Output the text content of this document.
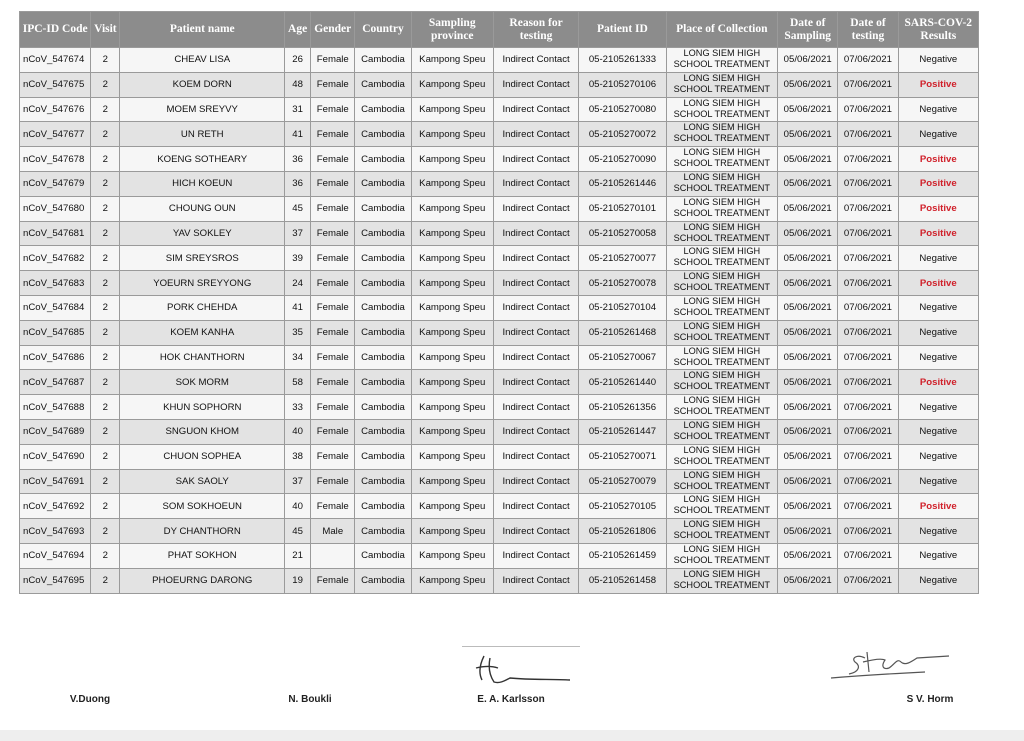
IPC-ID Code	Visit	Patient name	Age	Gender	Country	Sampling province	Reason for testing	Patient ID	Place of Collection	Date of Sampling	Date of testing	SARS-COV-2 Results
nCoV_547674	2	CHEAV LISA	26	Female	Cambodia	Kampong Speu	Indirect Contact	05-2105261333	LONG SIEM HIGH SCHOOL TREATMENT	05/06/2021	07/06/2021	Negative
nCoV_547675	2	KOEM DORN	48	Female	Cambodia	Kampong Speu	Indirect Contact	05-2105270106	LONG SIEM HIGH SCHOOL TREATMENT	05/06/2021	07/06/2021	Positive
nCoV_547676	2	MOEM SREYVY	31	Female	Cambodia	Kampong Speu	Indirect Contact	05-2105270080	LONG SIEM HIGH SCHOOL TREATMENT	05/06/2021	07/06/2021	Negative
nCoV_547677	2	UN RETH	41	Female	Cambodia	Kampong Speu	Indirect Contact	05-2105270072	LONG SIEM HIGH SCHOOL TREATMENT	05/06/2021	07/06/2021	Negative
nCoV_547678	2	KOENG SOTHEARY	36	Female	Cambodia	Kampong Speu	Indirect Contact	05-2105270090	LONG SIEM HIGH SCHOOL TREATMENT	05/06/2021	07/06/2021	Positive
nCoV_547679	2	HICH KOEUN	36	Female	Cambodia	Kampong Speu	Indirect Contact	05-2105261446	LONG SIEM HIGH SCHOOL TREATMENT	05/06/2021	07/06/2021	Positive
nCoV_547680	2	CHOUNG OUN	45	Female	Cambodia	Kampong Speu	Indirect Contact	05-2105270101	LONG SIEM HIGH SCHOOL TREATMENT	05/06/2021	07/06/2021	Positive
nCoV_547681	2	YAV SOKLEY	37	Female	Cambodia	Kampong Speu	Indirect Contact	05-2105270058	LONG SIEM HIGH SCHOOL TREATMENT	05/06/2021	07/06/2021	Positive
nCoV_547682	2	SIM SREYSROS	39	Female	Cambodia	Kampong Speu	Indirect Contact	05-2105270077	LONG SIEM HIGH SCHOOL TREATMENT	05/06/2021	07/06/2021	Negative
nCoV_547683	2	YOEURN SREYYONG	24	Female	Cambodia	Kampong Speu	Indirect Contact	05-2105270078	LONG SIEM HIGH SCHOOL TREATMENT	05/06/2021	07/06/2021	Positive
nCoV_547684	2	PORK CHEHDA	41	Female	Cambodia	Kampong Speu	Indirect Contact	05-2105270104	LONG SIEM HIGH SCHOOL TREATMENT	05/06/2021	07/06/2021	Negative
nCoV_547685	2	KOEM KANHA	35	Female	Cambodia	Kampong Speu	Indirect Contact	05-2105261468	LONG SIEM HIGH SCHOOL TREATMENT	05/06/2021	07/06/2021	Negative
nCoV_547686	2	HOK CHANTHORN	34	Female	Cambodia	Kampong Speu	Indirect Contact	05-2105270067	LONG SIEM HIGH SCHOOL TREATMENT	05/06/2021	07/06/2021	Negative
nCoV_547687	2	SOK MORM	58	Female	Cambodia	Kampong Speu	Indirect Contact	05-2105261440	LONG SIEM HIGH SCHOOL TREATMENT	05/06/2021	07/06/2021	Positive
nCoV_547688	2	KHUN SOPHORN	33	Female	Cambodia	Kampong Speu	Indirect Contact	05-2105261356	LONG SIEM HIGH SCHOOL TREATMENT	05/06/2021	07/06/2021	Negative
nCoV_547689	2	SNGUON KHOM	40	Female	Cambodia	Kampong Speu	Indirect Contact	05-2105261447	LONG SIEM HIGH SCHOOL TREATMENT	05/06/2021	07/06/2021	Negative
nCoV_547690	2	CHUON SOPHEA	38	Female	Cambodia	Kampong Speu	Indirect Contact	05-2105270071	LONG SIEM HIGH SCHOOL TREATMENT	05/06/2021	07/06/2021	Negative
nCoV_547691	2	SAK SAOLY	37	Female	Cambodia	Kampong Speu	Indirect Contact	05-2105270079	LONG SIEM HIGH SCHOOL TREATMENT	05/06/2021	07/06/2021	Negative
nCoV_547692	2	SOM SOKHOEUN	40	Female	Cambodia	Kampong Speu	Indirect Contact	05-2105270105	LONG SIEM HIGH SCHOOL TREATMENT	05/06/2021	07/06/2021	Positive
nCoV_547693	2	DY CHANTHORN	45	Male	Cambodia	Kampong Speu	Indirect Contact	05-2105261806	LONG SIEM HIGH SCHOOL TREATMENT	05/06/2021	07/06/2021	Negative
nCoV_547694	2	PHAT SOKHON	21		Cambodia	Kampong Speu	Indirect Contact	05-2105261459	LONG SIEM HIGH SCHOOL TREATMENT	05/06/2021	07/06/2021	Negative
nCoV_547695	2	PHOEURNG DARONG	19	Female	Cambodia	Kampong Speu	Indirect Contact	05-2105261458	LONG SIEM HIGH SCHOOL TREATMENT	05/06/2021	07/06/2021	Negative
V.Duong	N. Boukli	E. A. Karlsson	S V. Horm
